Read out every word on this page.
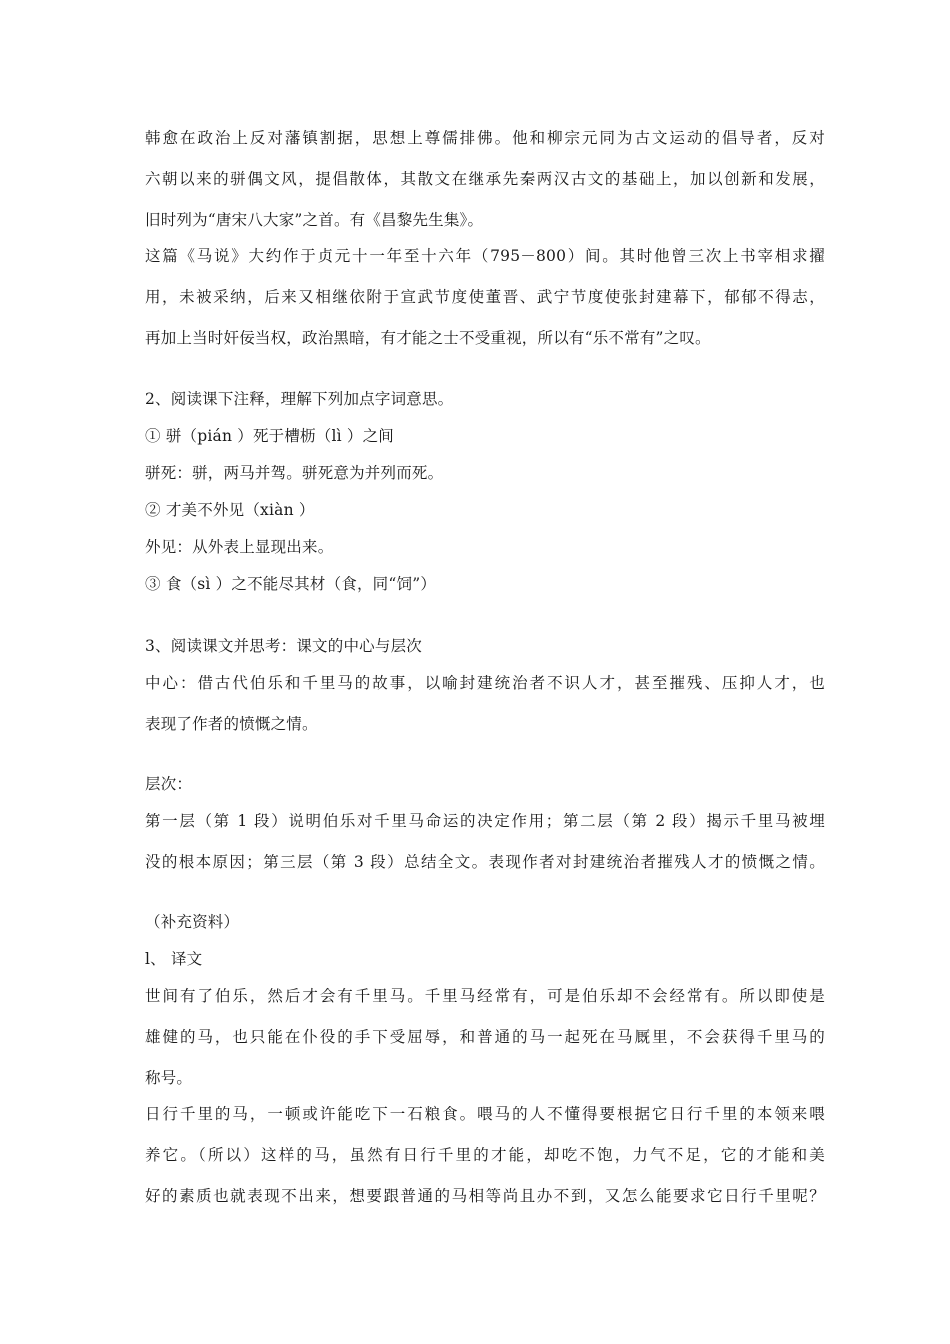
韩愈在政治上反对藩镇割据，思想上尊儒排佛。他和柳宗元同为古文运动的倡导者，反对
六朝以来的骈偶文风，提倡散体，其散文在继承先秦两汉古文的基础上，加以创新和发展，
旧时列为“唐宋八大家”之首。有《昌黎先生集》。
这篇《马说》大约作于贞元十一年至十六年（795－800）间。其时他曾三次上书宰相求擢
用，未被采纳，后来又相继依附于宣武节度使董晋、武宁节度使张封建幕下，郁郁不得志，
再加上当时奸佞当权，政治黑暗，有才能之士不受重视，所以有“乐不常有”之叹。
2、阅读课下注释，理解下列加点字词意思。
① 骈（pián ）死于槽枥（lì ）之间
骈死：骈，两马并驾。骈死意为并列而死。
② 才美不外见（xiàn ）
外见：从外表上显现出来。
③ 食（sì ）之不能尽其材（食，同“饲”）
3、阅读课文并思考：课文的中心与层次
中心：借古代伯乐和千里马的故事，以喻封建统治者不识人才，甚至摧残、压抑人才，也
表现了作者的愤慨之情。
层次：
第一层（第 1 段）说明伯乐对千里马命运的决定作用；第二层（第 2 段）揭示千里马被埋
没的根本原因；第三层（第 3 段）总结全文。表现作者对封建统治者摧残人才的愤慨之情。
（补充资料）
l、 译文
世间有了伯乐，然后才会有千里马。千里马经常有，可是伯乐却不会经常有。所以即使是
雄健的马，也只能在仆役的手下受屈辱，和普通的马一起死在马厩里，不会获得千里马的
称号。
日行千里的马，一顿或许能吃下一石粮食。喂马的人不懂得要根据它日行千里的本领来喂
养它。（所以）这样的马，虽然有日行千里的才能，却吃不饱，力气不足，它的才能和美
好的素质也就表现不出来，想要跟普通的马相等尚且办不到，又怎么能要求它日行千里呢？
